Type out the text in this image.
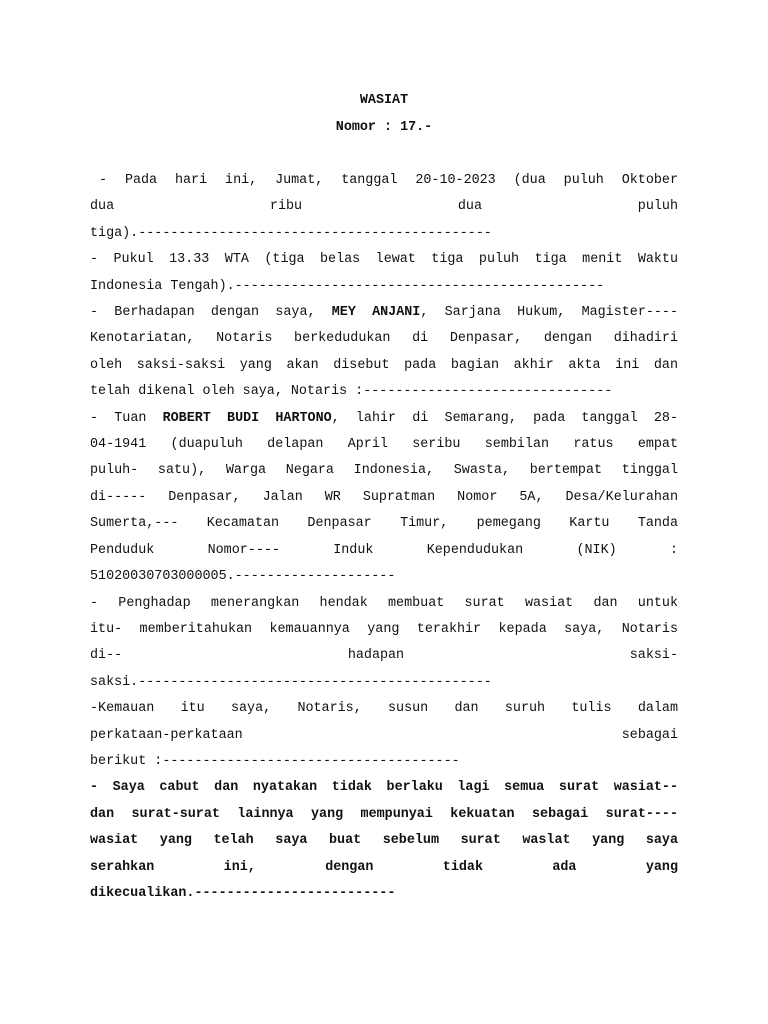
WASIAT
Nomor : 17.-
- Pada hari ini, Jumat, tanggal 20-10-2023 (dua puluh Oktober
dua ribu dua puluh
tiga).--------------------------------------------
- Pukul 13.33 WTA (tiga belas lewat tiga puluh tiga menit Waktu
Indonesia Tengah).----------------------------------------------
- Berhadapan dengan saya, MEY ANJANI, Sarjana Hukum, Magister----
Kenotariatan, Notaris berkedudukan di Denpasar, dengan dihadiri
oleh saksi-saksi yang akan disebut pada bagian akhir akta ini dan
telah dikenal oleh saya, Notaris :-------------------------------
- Tuan ROBERT BUDI HARTONO, lahir di Semarang, pada tanggal 28-
04-1941 (duapuluh delapan April seribu sembilan ratus empat
puluh- satu), Warga Negara Indonesia, Swasta, bertempat tinggal
di----- Denpasar, Jalan WR Supratman Nomor 5A, Desa/Kelurahan
Sumerta,--- Kecamatan Denpasar Timur, pemegang Kartu Tanda
Penduduk Nomor---- Induk Kependudukan (NIK) :
51020030703000005.--------------------
- Penghadap menerangkan hendak membuat surat wasiat dan untuk
itu- memberitahukan kemauannya yang terakhir kepada saya, Notaris
di-- hadapan saksi-
saksi.--------------------------------------------
-Kemauan itu saya, Notaris, susun dan suruh tulis dalam
perkataan-perkataan sebagai
berikut :-------------------------------------
- Saya cabut dan nyatakan tidak berlaku lagi semua surat wasiat--
dan surat-surat lainnya yang mempunyai kekuatan sebagai surat----
wasiat yang telah saya buat sebelum surat waslat yang saya
serahkan ini, dengan tidak ada yang
dikecualikan.-------------------------
